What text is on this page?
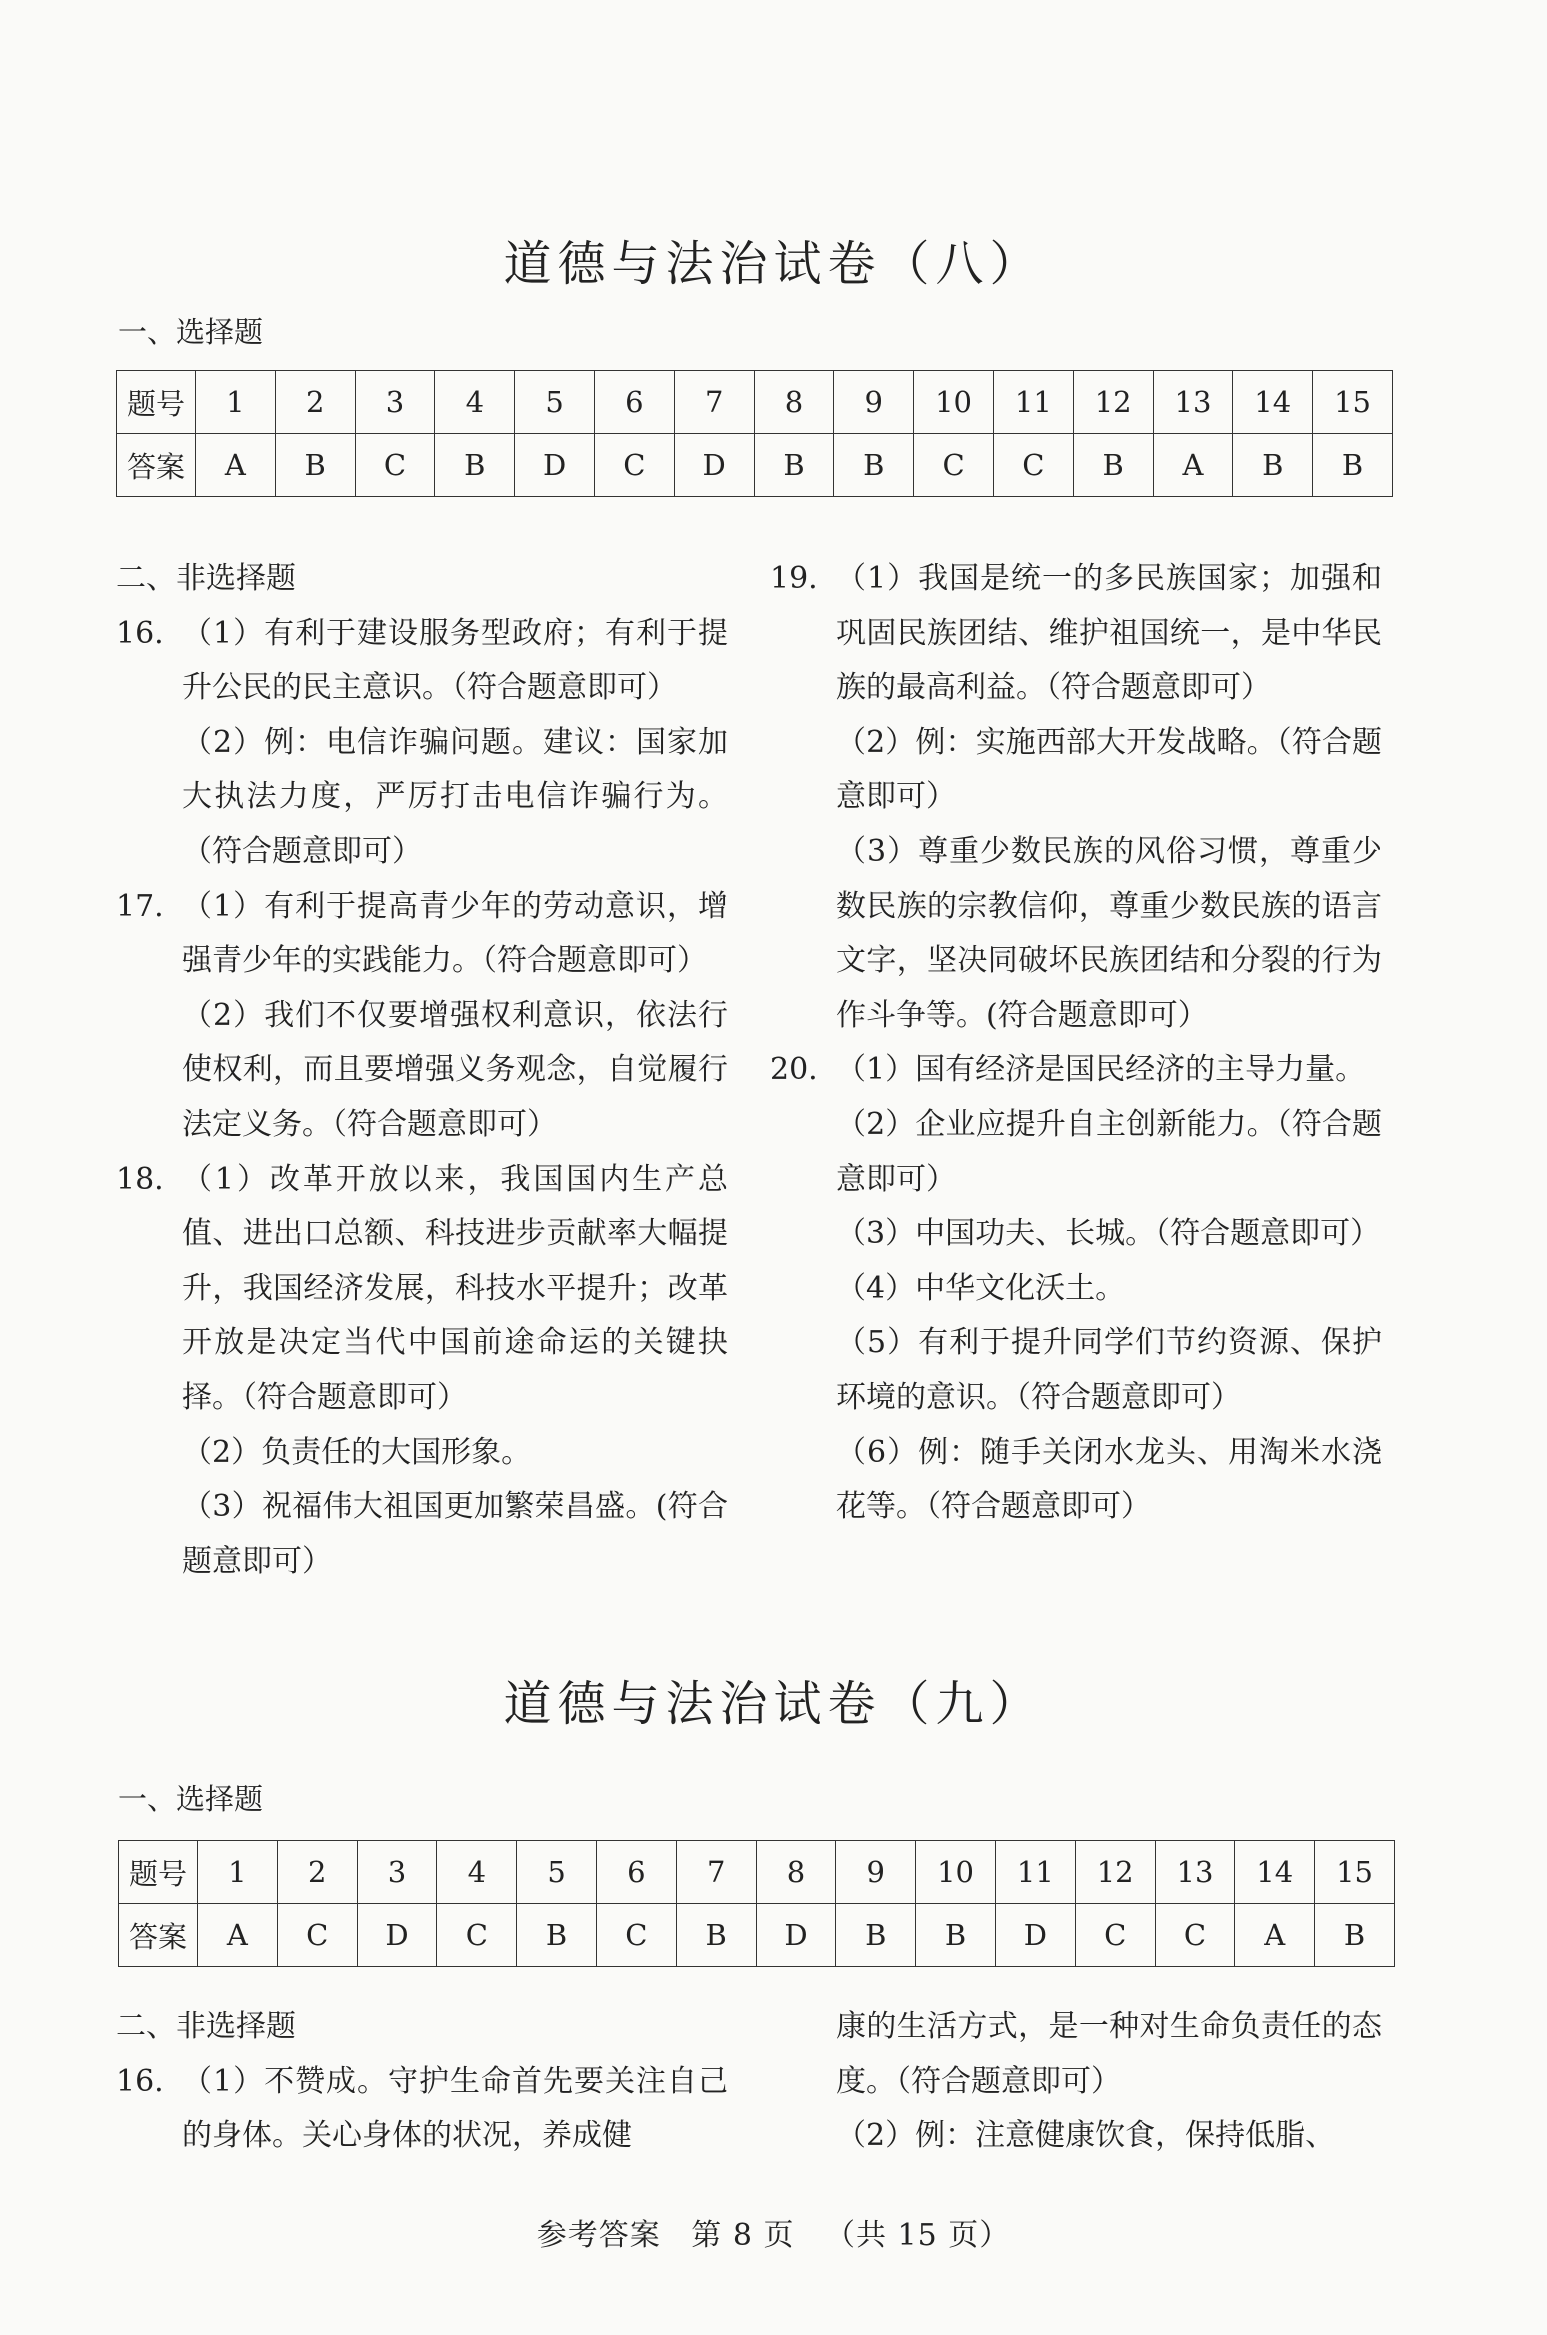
道德与法治试卷（八）
一、选择题
题号	1	2	3	4	5	6	7	8	9	10	11	12	13	14	15
答案	A	B	C	B	D	C	D	B	B	C	C	B	A	B	B

二、非选择题

16. （1）有利于建设服务型政府；有利于提升公民的民主意识。（符合题意即可）

（2）例：电信诈骗问题。建议：国家加大执法力度，严厉打击电信诈骗行为。（符合题意即可）

17. （1）有利于提高青少年的劳动意识，增强青少年的实践能力。（符合题意即可）

（2）我们不仅要增强权利意识，依法行使权利，而且要增强义务观念，自觉履行法定义务。（符合题意即可）

18. （1）改革开放以来，我国国内生产总值、进出口总额、科技进步贡献率大幅提升，我国经济发展，科技水平提升；改革开放是决定当代中国前途命运的关键抉择。（符合题意即可）

（2）负责任的大国形象。

（3）祝福伟大祖国更加繁荣昌盛。(符合题意即可）

19. （1）我国是统一的多民族国家；加强和巩固民族团结、维护祖国统一，是中华民族的最高利益。（符合题意即可）

（2）例：实施西部大开发战略。（符合题意即可）

（3）尊重少数民族的风俗习惯，尊重少数民族的宗教信仰，尊重少数民族的语言文字，坚决同破坏民族团结和分裂的行为作斗争等。(符合题意即可）

20. （1）国有经济是国民经济的主导力量。

（2）企业应提升自主创新能力。（符合题意即可）

（3）中国功夫、长城。（符合题意即可）

（4）中华文化沃土。

（5）有利于提升同学们节约资源、保护环境的意识。（符合题意即可）

（6）例：随手关闭水龙头、用淘米水浇花等。（符合题意即可）

道德与法治试卷（九）
一、选择题
题号	1	2	3	4	5	6	7	8	9	10	11	12	13	14	15
答案	A	C	D	C	B	C	B	D	B	B	D	C	C	A	B

二、非选择题

16. （1）不赞成。守护生命首先要关注自己的身体。关心身体的状况，养成健

康的生活方式，是一种对生命负责任的态度。（符合题意即可）

（2）例：注意健康饮食，保持低脂、

参考答案 第 8 页 （共 15 页）
